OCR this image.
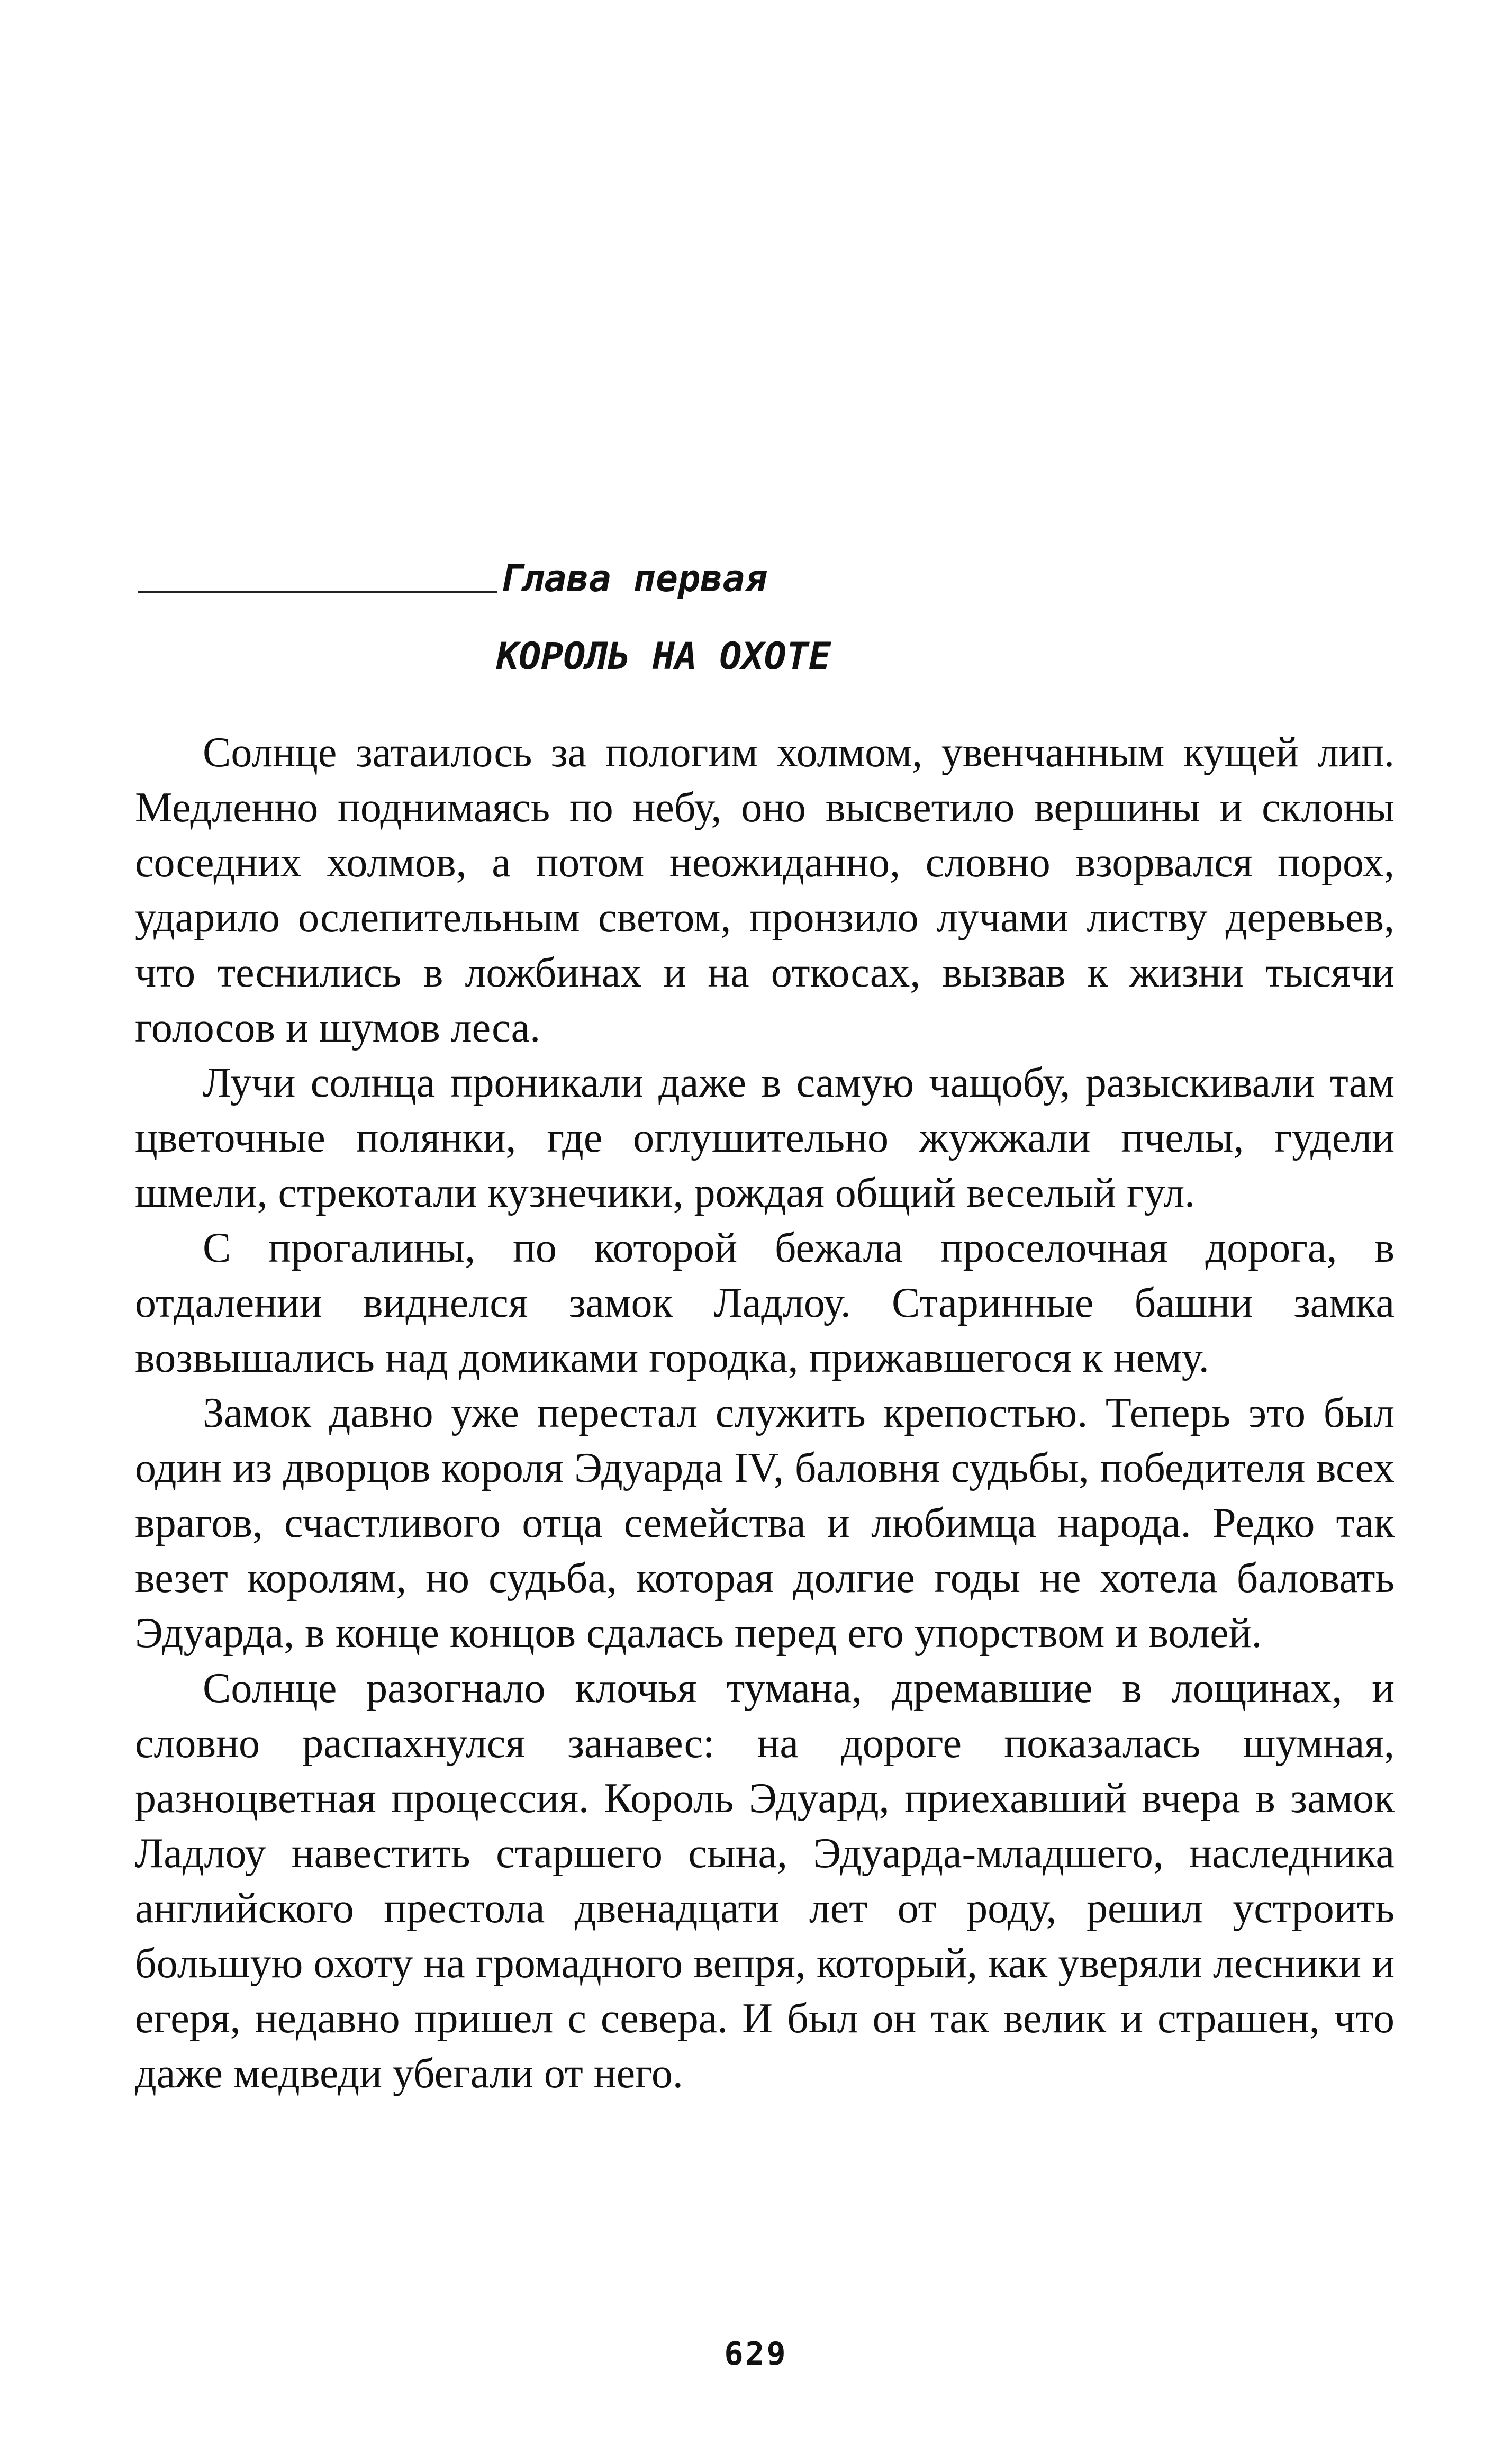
Глава первая
КОРОЛЬ НА ОХОТЕ

Солнце затаилось за пологим холмом, увенчанным кущей лип. Медленно поднимаясь по небу, оно высветило вершины и склоны соседних холмов, а потом неожиданно, словно взорвался порох, ударило ослепительным светом, пронзило лучами листву деревьев, что теснились в ложбинах и на откосах, вызвав к жизни тысячи голосов и шумов леса.

Лучи солнца проникали даже в самую чащобу, разыскивали там цветочные полянки, где оглушительно жужжали пчелы, гудели шмели, стрекотали кузнечики, рождая общий веселый гул.

С прогалины, по которой бежала проселочная дорога, в отдалении виднелся замок Ладлоу. Старинные башни замка возвышались над домиками городка, прижавшегося к нему.

Замок давно уже перестал служить крепостью. Теперь это был один из дворцов короля Эдуарда IV, баловня судьбы, победителя всех врагов, счастливого отца семейства и любимца народа. Редко так везет королям, но судьба, которая долгие годы не хотела баловать Эдуарда, в конце концов сдалась перед его упорством и волей.

Солнце разогнало клочья тумана, дремавшие в лощинах, и словно распахнулся занавес: на дороге показалась шумная, разноцветная процессия. Король Эдуард, приехавший вчера в замок Ладлоу навестить старшего сына, Эдуарда-младшего, наследника английского престола двенадцати лет от роду, решил устроить большую охоту на громадного вепря, который, как уверяли лесники и егеря, недавно пришел с севера. И был он так велик и страшен, что даже медведи убегали от него.

629
